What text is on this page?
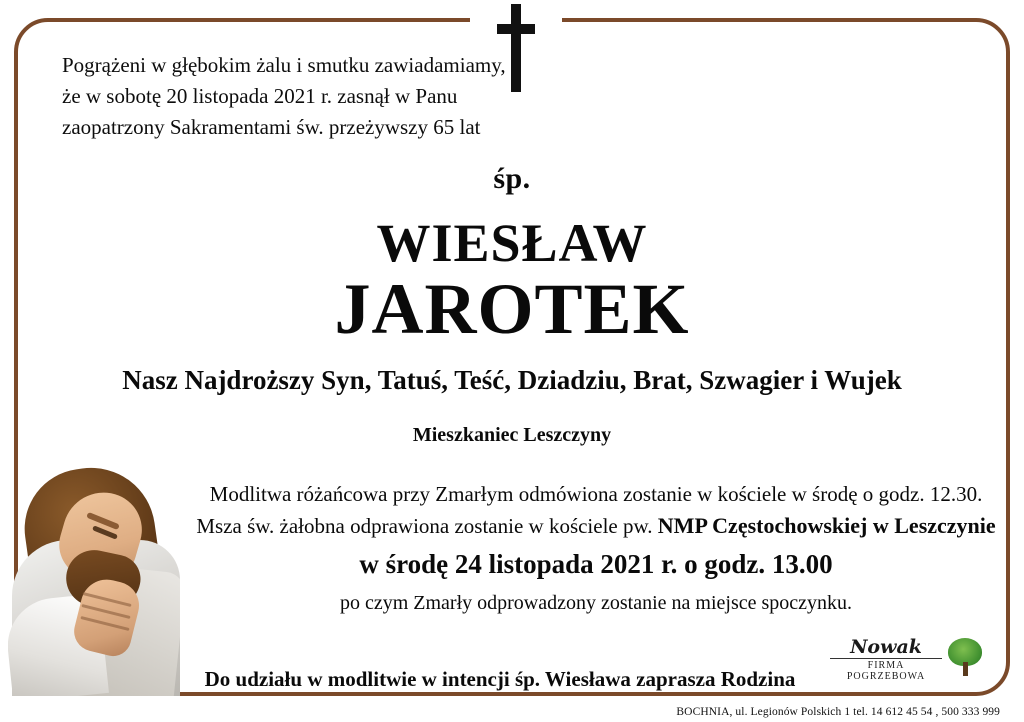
Pogrążeni w głębokim żalu i smutku zawiadamiamy,
że w sobotę 20 listopada 2021 r. zasnął w Panu
zaopatrzony Sakramentami św. przeżywszy 65 lat
śp.
WIESŁAW
JAROTEK
Nasz Najdroższy Syn, Tatuś, Teść, Dziadziu, Brat, Szwagier i Wujek
Mieszkaniec Leszczyny
Modlitwa różańcowa przy Zmarłym odmówiona zostanie w kościele w środę o godz. 12.30.
Msza św. żałobna odprawiona zostanie w kościele pw. NMP Częstochowskiej w Leszczynie
w środę 24 listopada 2021 r. o godz. 13.00
po czym Zmarły odprowadzony zostanie na miejsce spoczynku.
Do udziału w modlitwie w intencji śp. Wiesława zaprasza Rodzina
Nowak
FIRMA POGRZEBOWA
BOCHNIA, ul. Legionów Polskich 1 tel. 14 612 45 54 , 500 333 999
